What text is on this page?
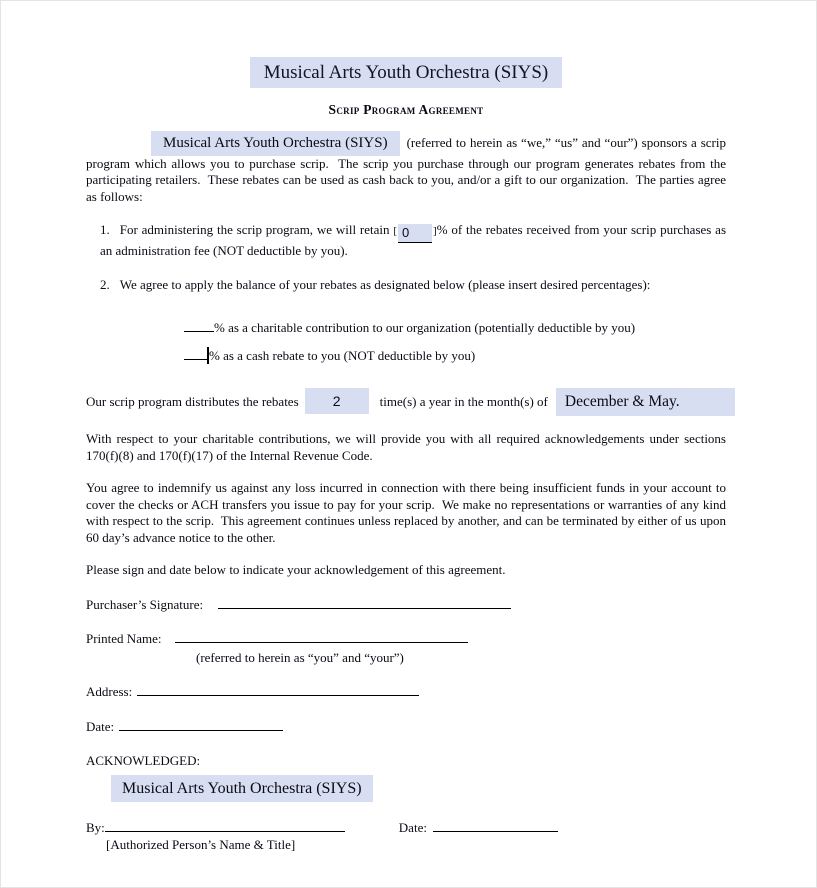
Musical Arts Youth Orchestra (SIYS)
Scrip Program Agreement

Musical Arts Youth Orchestra (SIYS) (referred to herein as “we,” “us” and “our”) sponsors a scrip program which allows you to purchase scrip.  The scrip you purchase through our program generates rebates from the participating retailers.  These rebates can be used as cash back to you, and/or a gift to our organization.  The parties agree as follows:

1. For administering the scrip program, we will retain [ 0 ]% of the rebates received from your scrip purchases as an administration fee (NOT deductible by you).
2. We agree to apply the balance of your rebates as designated below (please insert desired percentages):
% as a charitable contribution to our organization (potentially deductible by you)
% as a cash rebate to you (NOT deductible by you)
Our scrip program distributes the rebates	2	time(s) a year in the month(s) of	December & May.

With respect to your charitable contributions, we will provide you with all required acknowledgements under sections 170(f)(8) and 170(f)(17) of the Internal Revenue Code.

You agree to indemnify us against any loss incurred in connection with there being insufficient funds in your account to cover the checks or ACH transfers you issue to pay for your scrip.  We make no representations or warranties of any kind with respect to the scrip.  This agreement continues unless replaced by another, and can be terminated by either of us upon 60 day’s advance notice to the other.

Please sign and date below to indicate your acknowledgement of this agreement.

Purchaser’s Signature:
Printed Name:
(referred to herein as “you” and “your”)
Address:
Date:
ACKNOWLEDGED:
Musical Arts Youth Orchestra (SIYS)
By:	Date:
[Authorized Person’s Name & Title]
